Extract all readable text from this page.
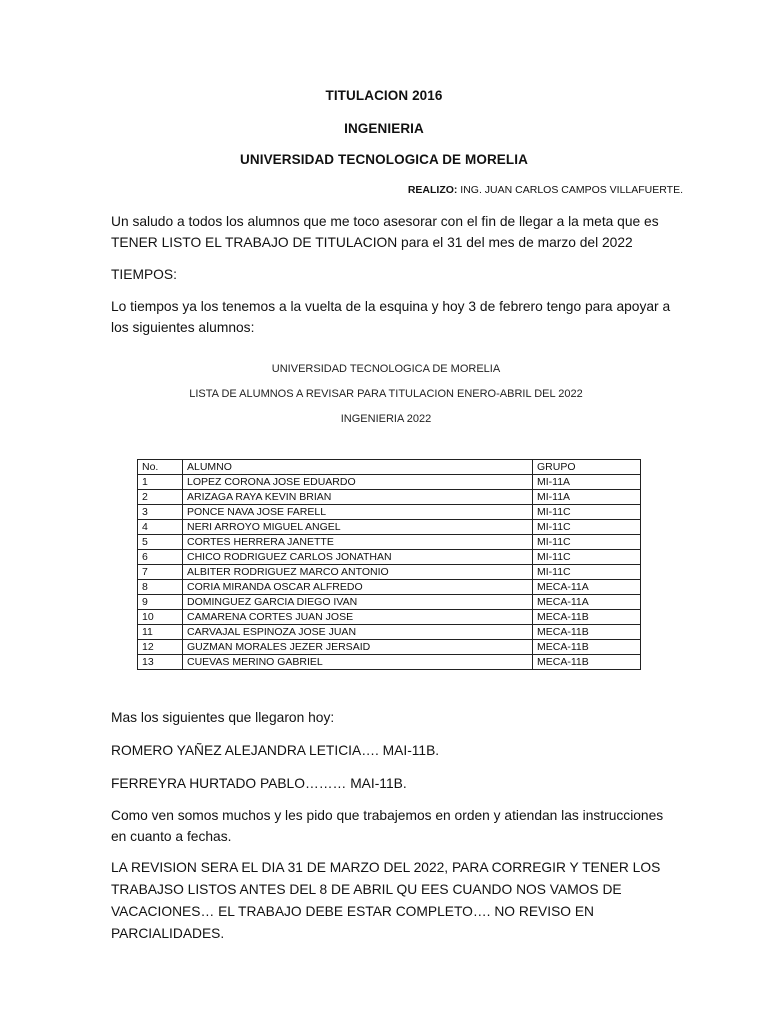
TITULACION 2016
INGENIERIA
UNIVERSIDAD TECNOLOGICA DE MORELIA
REALIZO: ING. JUAN CARLOS CAMPOS VILLAFUERTE.
Un saludo a todos los alumnos que me toco asesorar con el fin de llegar a la meta que es TENER LISTO EL TRABAJO DE TITULACION para el 31 del mes de marzo del 2022
TIEMPOS:
Lo tiempos ya los tenemos a la vuelta de la esquina y hoy 3 de febrero tengo para apoyar a los siguientes alumnos:
UNIVERSIDAD TECNOLOGICA DE MORELIA
LISTA DE ALUMNOS A REVISAR PARA TITULACION ENERO-ABRIL DEL 2022
INGENIERIA 2022
No.	ALUMNO	GRUPO
1	LOPEZ CORONA JOSE EDUARDO	MI-11A
2	ARIZAGA RAYA KEVIN BRIAN	MI-11A
3	PONCE NAVA JOSE FARELL	MI-11C
4	NERI ARROYO MIGUEL ANGEL	MI-11C
5	CORTES HERRERA JANETTE	MI-11C
6	CHICO RODRIGUEZ CARLOS JONATHAN	MI-11C
7	ALBITER RODRIGUEZ MARCO ANTONIO	MI-11C
8	CORIA MIRANDA OSCAR ALFREDO	MECA-11A
9	DOMINGUEZ GARCIA DIEGO IVAN	MECA-11A
10	CAMARENA CORTES JUAN JOSE	MECA-11B
11	CARVAJAL ESPINOZA JOSE JUAN	MECA-11B
12	GUZMAN MORALES JEZER JERSAID	MECA-11B
13	CUEVAS MERINO GABRIEL	MECA-11B
Mas los siguientes que llegaron hoy:
ROMERO YAÑEZ ALEJANDRA LETICIA…. MAI-11B.
FERREYRA HURTADO PABLO……… MAI-11B.
Como ven somos muchos y les pido que trabajemos en orden y atiendan las instrucciones en cuanto a fechas.
LA REVISION SERA EL DIA 31 DE MARZO DEL 2022, PARA CORREGIR Y TENER LOS TRABAJSO LISTOS ANTES DEL 8 DE ABRIL QU EES CUANDO NOS VAMOS DE VACACIONES… EL TRABAJO DEBE ESTAR COMPLETO…. NO REVISO EN PARCIALIDADES.
